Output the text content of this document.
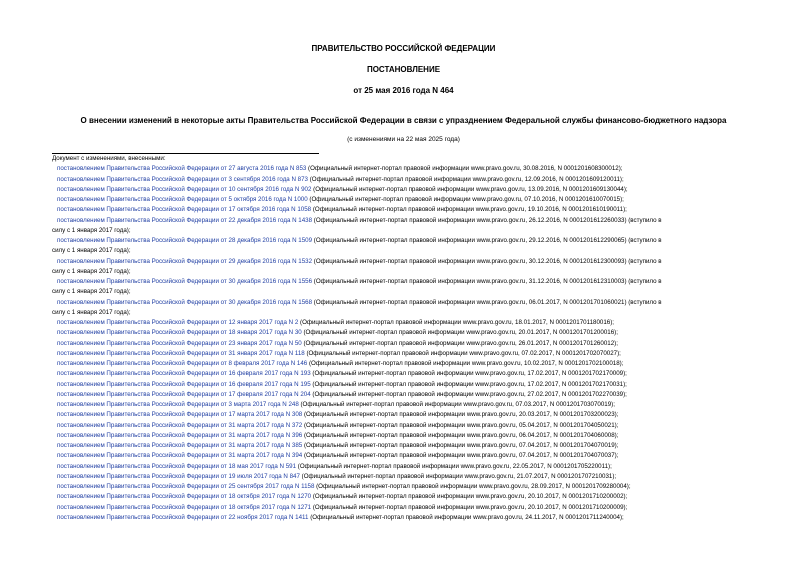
ПРАВИТЕЛЬСТВО РОССИЙСКОЙ ФЕДЕРАЦИИ
ПОСТАНОВЛЕНИЕ
от 25 мая 2016 года N 464
О внесении изменений в некоторые акты Правительства Российской Федерации в связи с упразднением Федеральной службы финансово-бюджетного надзора
(с изменениями на 22 мая 2025 года)
Документ с изменениями, внесенными:
постановлением Правительства Российской Федерации от 27 августа 2016 года N 853 (Официальный интернет-портал правовой информации www.pravo.gov.ru, 30.08.2016, N 0001201608300012);
постановлением Правительства Российской Федерации от 3 сентября 2016 года N 873 (Официальный интернет-портал правовой информации www.pravo.gov.ru, 12.09.2016, N 0001201609120011);
постановлением Правительства Российской Федерации от 10 сентября 2016 года N 902 (Официальный интернет-портал правовой информации www.pravo.gov.ru, 13.09.2016, N 0001201609130044);
постановлением Правительства Российской Федерации от 5 октября 2016 года N 1000 (Официальный интернет-портал правовой информации www.pravo.gov.ru, 07.10.2016, N 0001201610070015);
постановлением Правительства Российской Федерации от 17 октября 2016 года N 1058 (Официальный интернет-портал правовой информации www.pravo.gov.ru, 19.10.2016, N 0001201610190011);
постановлением Правительства Российской Федерации от 22 декабря 2016 года N 1438 (Официальный интернет-портал правовой информации www.pravo.gov.ru, 26.12.2016, N 0001201612260033) (вступило в
силу с 1 января 2017 года);
постановлением Правительства Российской Федерации от 28 декабря 2016 года N 1509 (Официальный интернет-портал правовой информации www.pravo.gov.ru, 29.12.2016, N 0001201612290065) (вступило в
силу с 1 января 2017 года);
постановлением Правительства Российской Федерации от 29 декабря 2016 года N 1532 (Официальный интернет-портал правовой информации www.pravo.gov.ru, 30.12.2016, N 0001201612300093) (вступило в
силу с 1 января 2017 года);
постановлением Правительства Российской Федерации от 30 декабря 2016 года N 1556 (Официальный интернет-портал правовой информации www.pravo.gov.ru, 31.12.2016, N 0001201612310003) (вступило в
силу с 1 января 2017 года);
постановлением Правительства Российской Федерации от 30 декабря 2016 года N 1568 (Официальный интернет-портал правовой информации www.pravo.gov.ru, 06.01.2017, N 0001201701060021) (вступило в
силу с 1 января 2017 года);
постановлением Правительства Российской Федерации от 12 января 2017 года N 2 (Официальный интернет-портал правовой информации www.pravo.gov.ru, 18.01.2017, N 0001201701180016);
постановлением Правительства Российской Федерации от 18 января 2017 года N 30 (Официальный интернет-портал правовой информации www.pravo.gov.ru, 20.01.2017, N 0001201701200016);
постановлением Правительства Российской Федерации от 23 января 2017 года N 50 (Официальный интернет-портал правовой информации www.pravo.gov.ru, 26.01.2017, N 0001201701260012);
постановлением Правительства Российской Федерации от 31 января 2017 года N 118 (Официальный интернет-портал правовой информации www.pravo.gov.ru, 07.02.2017, N 0001201702070027);
постановлением Правительства Российской Федерации от 8 февраля 2017 года N 146 (Официальный интернет-портал правовой информации www.pravo.gov.ru, 10.02.2017, N 0001201702100018);
постановлением Правительства Российской Федерации от 16 февраля 2017 года N 193 (Официальный интернет-портал правовой информации www.pravo.gov.ru, 17.02.2017, N 0001201702170009);
постановлением Правительства Российской Федерации от 16 февраля 2017 года N 195 (Официальный интернет-портал правовой информации www.pravo.gov.ru, 17.02.2017, N 0001201702170031);
постановлением Правительства Российской Федерации от 17 февраля 2017 года N 204 (Официальный интернет-портал правовой информации www.pravo.gov.ru, 27.02.2017, N 0001201702270039);
постановлением Правительства Российской Федерации от 3 марта 2017 года N 248 (Официальный интернет-портал правовой информации www.pravo.gov.ru, 07.03.2017, N 0001201703070019);
постановлением Правительства Российской Федерации от 17 марта 2017 года N 308 (Официальный интернет-портал правовой информации www.pravo.gov.ru, 20.03.2017, N 0001201703200023);
постановлением Правительства Российской Федерации от 31 марта 2017 года N 372 (Официальный интернет-портал правовой информации www.pravo.gov.ru, 05.04.2017, N 0001201704050021);
постановлением Правительства Российской Федерации от 31 марта 2017 года N 396 (Официальный интернет-портал правовой информации www.pravo.gov.ru, 06.04.2017, N 0001201704060008);
постановлением Правительства Российской Федерации от 31 марта 2017 года N 385 (Официальный интернет-портал правовой информации www.pravo.gov.ru, 07.04.2017, N 0001201704070019);
постановлением Правительства Российской Федерации от 31 марта 2017 года N 394 (Официальный интернет-портал правовой информации www.pravo.gov.ru, 07.04.2017, N 0001201704070037);
постановлением Правительства Российской Федерации от 18 мая 2017 года N 591 (Официальный интернет-портал правовой информации www.pravo.gov.ru, 22.05.2017, N 0001201705220011);
постановлением Правительства Российской Федерации от 19 июля 2017 года N 847 (Официальный интернет-портал правовой информации www.pravo.gov.ru, 21.07.2017, N 0001201707210031);
постановлением Правительства Российской Федерации от 25 сентября 2017 года N 1158 (Официальный интернет-портал правовой информации www.pravo.gov.ru, 28.09.2017, N 0001201709280004);
постановлением Правительства Российской Федерации от 18 октября 2017 года N 1270 (Официальный интернет-портал правовой информации www.pravo.gov.ru, 20.10.2017, N 0001201710200002);
постановлением Правительства Российской Федерации от 18 октября 2017 года N 1271 (Официальный интернет-портал правовой информации www.pravo.gov.ru, 20.10.2017, N 0001201710200009);
постановлением Правительства Российской Федерации от 22 ноября 2017 года N 1411 (Официальный интернет-портал правовой информации www.pravo.gov.ru, 24.11.2017, N 0001201711240004);
